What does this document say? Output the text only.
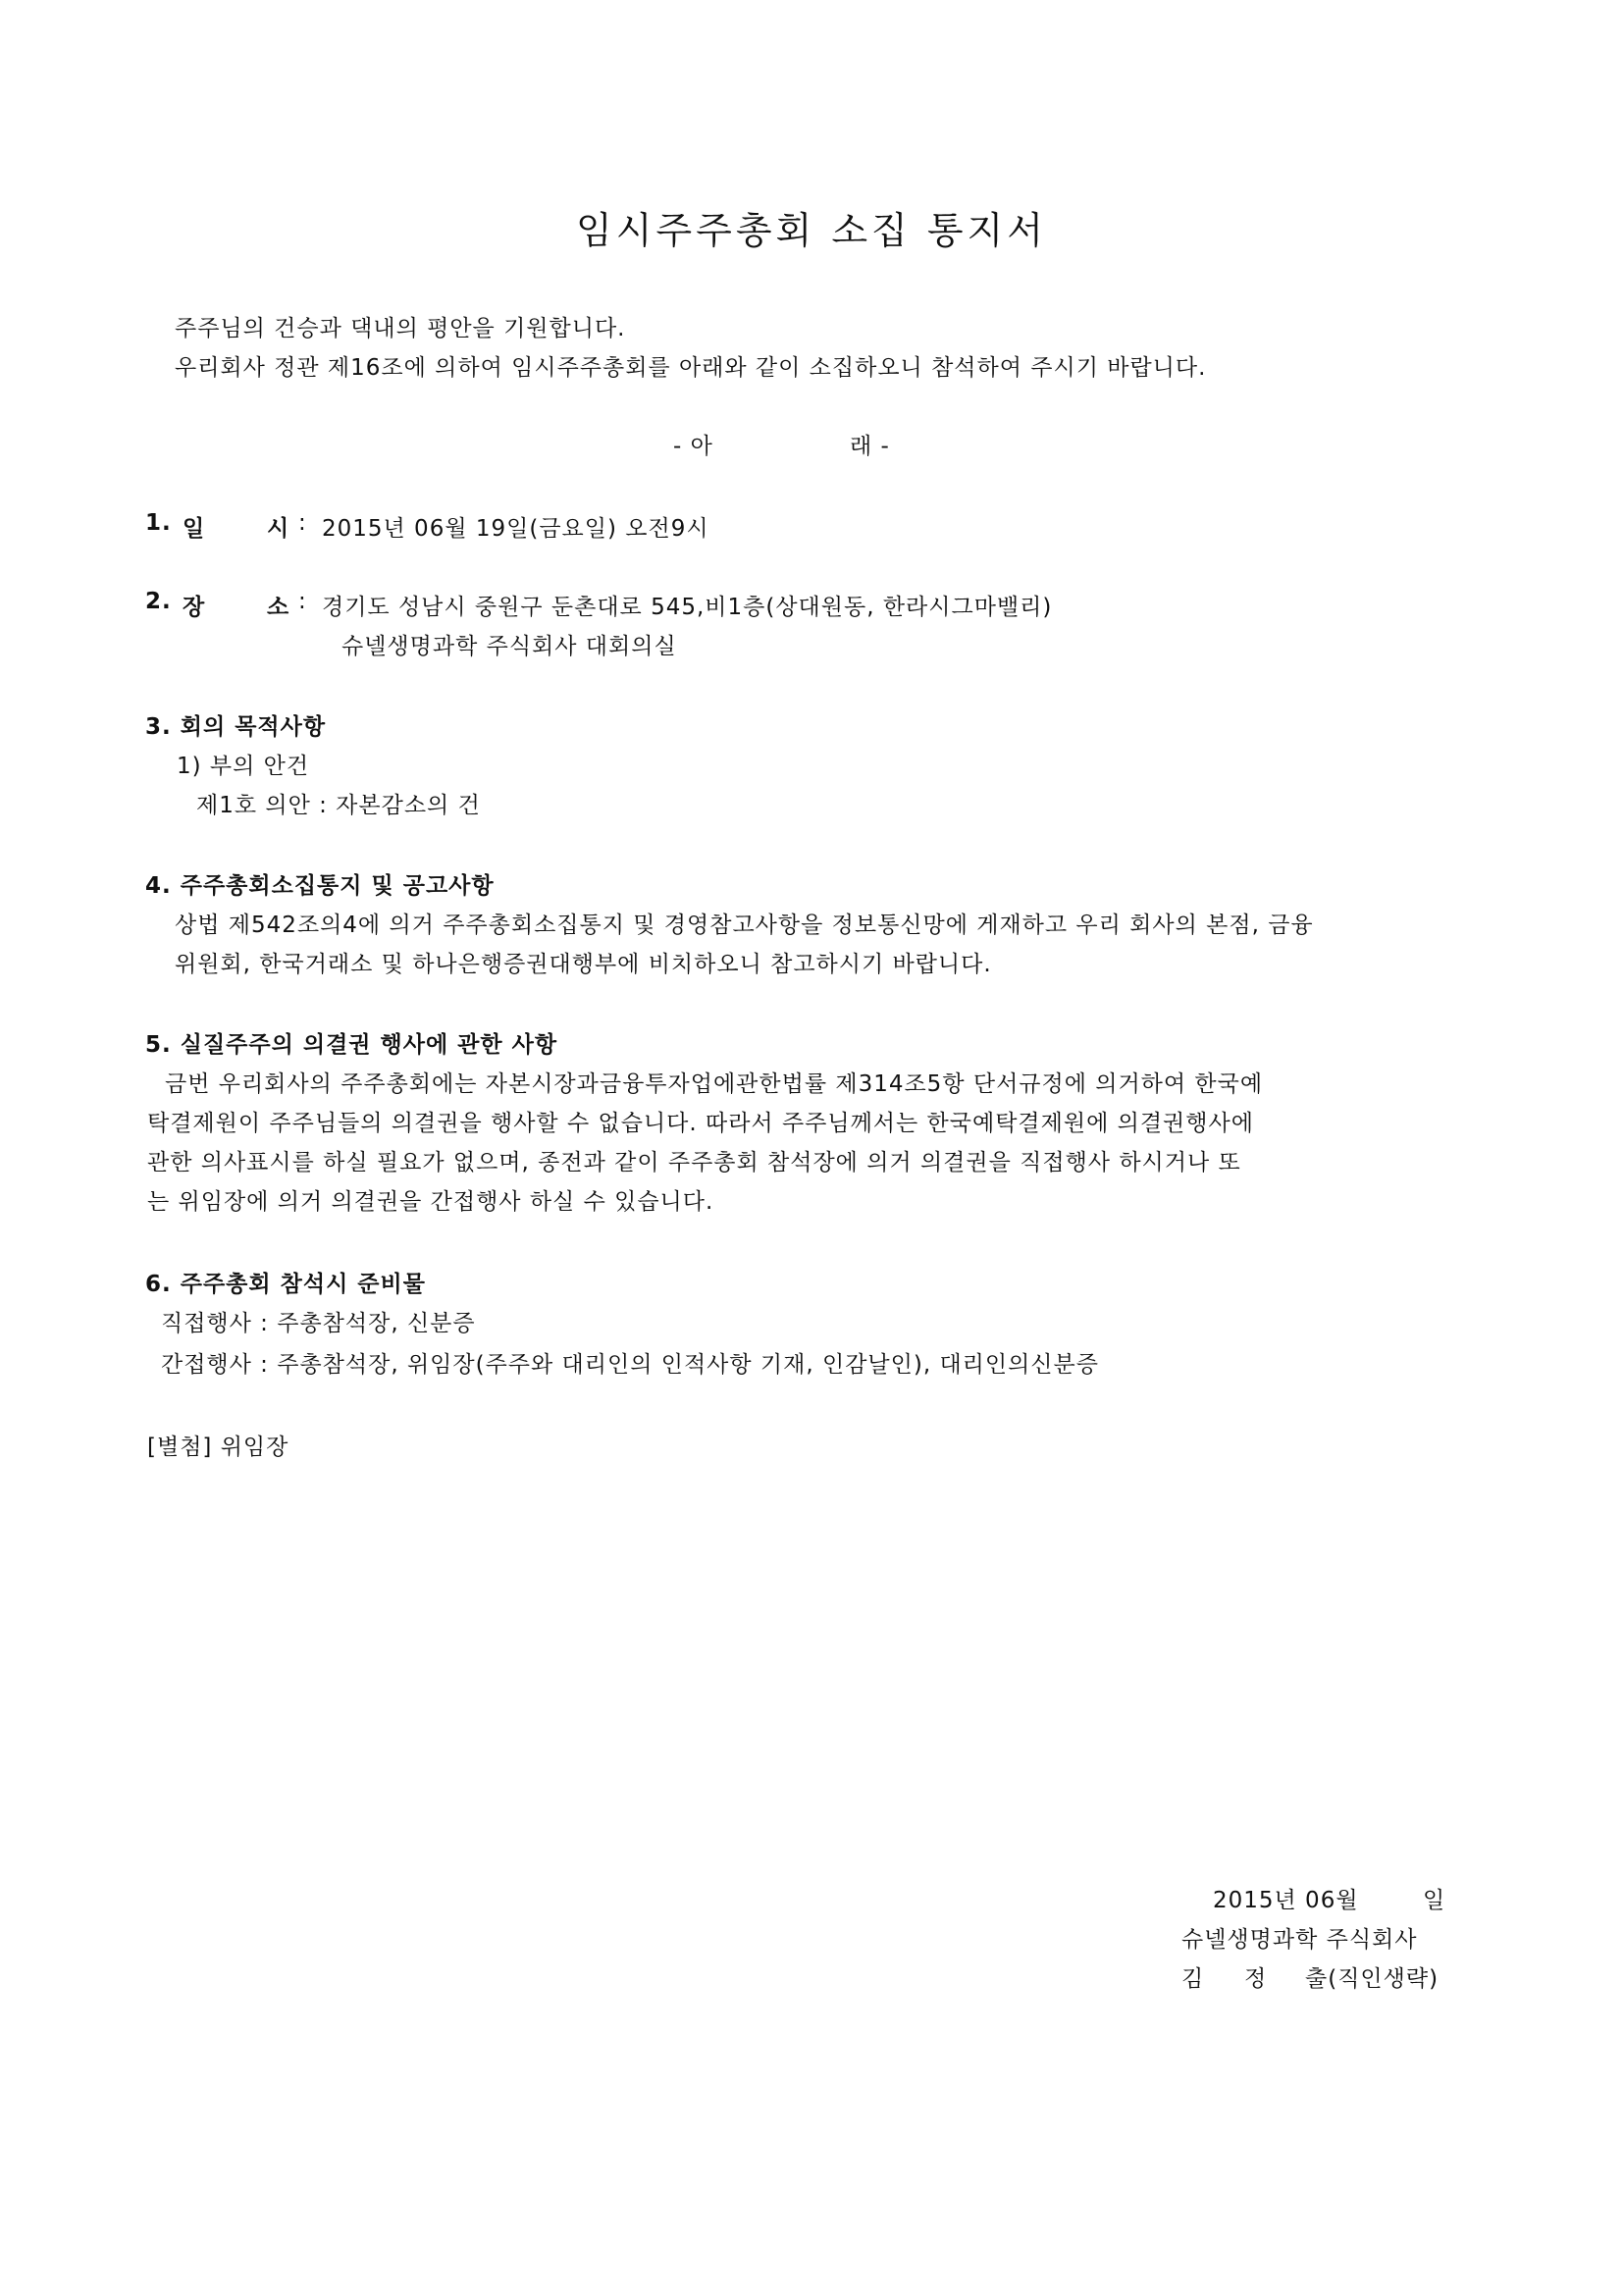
임시주주총회 소집 통지서
주주님의 건승과 댁내의 평안을 기원합니다.
우리회사 정관 제16조에 의하여 임시주주총회를 아래와 같이 소집하오니 참석하여 주시기 바랍니다.
- 아	래 -
1. 일	시 : 2015년 06월 19일(금요일) 오전9시
2. 장	소 : 경기도 성남시 중원구 둔촌대로 545,비1층(상대원동, 한라시그마밸리)
슈넬생명과학 주식회사 대회의실
3. 회의 목적사항
1) 부의 안건
제1호 의안 : 자본감소의 건
4. 주주총회소집통지 및 공고사항
상법 제542조의4에 의거 주주총회소집통지 및 경영참고사항을 정보통신망에 게재하고 우리 회사의 본점, 금융
위원회, 한국거래소 및 하나은행증권대행부에 비치하오니 참고하시기 바랍니다.
5. 실질주주의 의결권 행사에 관한 사항
금번 우리회사의 주주총회에는 자본시장과금융투자업에관한법률 제314조5항 단서규정에 의거하여 한국예
탁결제원이 주주님들의 의결권을 행사할 수 없습니다. 따라서 주주님께서는 한국예탁결제원에 의결권행사에
관한 의사표시를 하실 필요가 없으며, 종전과 같이 주주총회 참석장에 의거 의결권을 직접행사 하시거나 또
는 위임장에 의거 의결권을 간접행사 하실 수 있습니다.
6. 주주총회 참석시 준비물
직접행사 : 주총참석장, 신분증
간접행사 : 주총참석장, 위임장(주주와 대리인의 인적사항 기재, 인감날인), 대리인의신분증
[별첨] 위임장
2015년 06월	일
슈넬생명과학 주식회사
김 정 출(직인생략)
